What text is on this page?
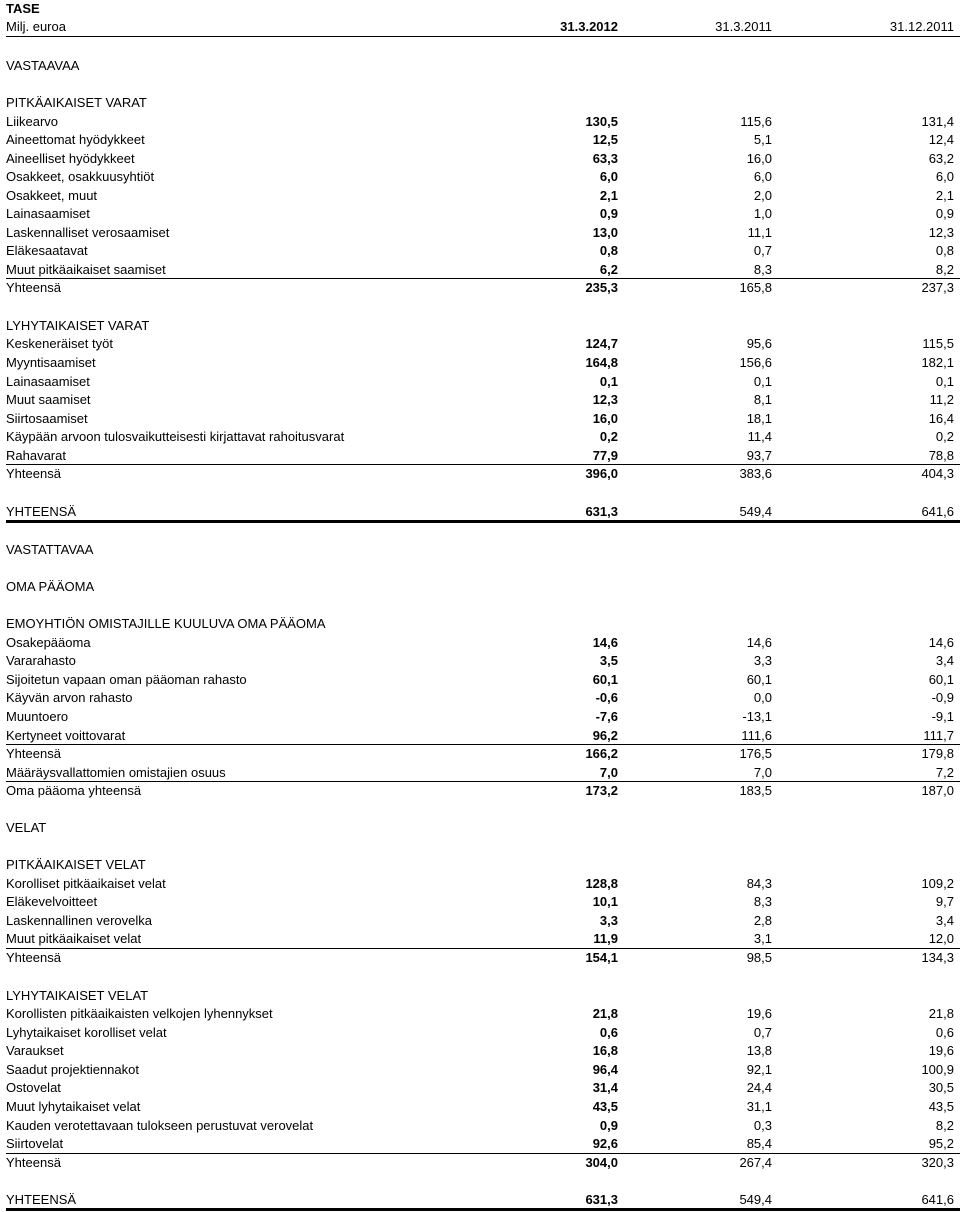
TASE
Milj. euroa	31.3.2012	31.3.2011	31.12.2011
VASTAAVAA
PITKÄAIKAISET VARAT
Liikearvo	130,5	115,6	131,4
Aineettomat hyödykkeet	12,5	5,1	12,4
Aineelliset hyödykkeet	63,3	16,0	63,2
Osakkeet, osakkuusyhtiöt	6,0	6,0	6,0
Osakkeet, muut	2,1	2,0	2,1
Lainasaamiset	0,9	1,0	0,9
Laskennalliset verosaamiset	13,0	11,1	12,3
Eläkesaatavat	0,8	0,7	0,8
Muut pitkäaikaiset saamiset	6,2	8,3	8,2
Yhteensä	235,3	165,8	237,3
LYHYTAIKAISET VARAT
Keskeneräiset työt	124,7	95,6	115,5
Myyntisaamiset	164,8	156,6	182,1
Lainasaamiset	0,1	0,1	0,1
Muut saamiset	12,3	8,1	11,2
Siirtosaamiset	16,0	18,1	16,4
Käypään arvoon tulosvaikutteisesti kirjattavat rahoitusvarat	0,2	11,4	0,2
Rahavarat	77,9	93,7	78,8
Yhteensä	396,0	383,6	404,3
YHTEENSÄ	631,3	549,4	641,6
VASTATTAVAA
OMA PÄÄOMA
EMOYHTIÖN OMISTAJILLE KUULUVA OMA PÄÄOMA
Osakepääoma	14,6	14,6	14,6
Vararahasto	3,5	3,3	3,4
Sijoitetun vapaan oman pääoman rahasto	60,1	60,1	60,1
Käyvän arvon rahasto	-0,6	0,0	-0,9
Muuntoero	-7,6	-13,1	-9,1
Kertyneet voittovarat	96,2	111,6	111,7
Yhteensä	166,2	176,5	179,8
Määräysvallattomien omistajien osuus	7,0	7,0	7,2
Oma pääoma yhteensä	173,2	183,5	187,0
VELAT
PITKÄAIKAISET VELAT
Korolliset pitkäaikaiset velat	128,8	84,3	109,2
Eläkevelvoitteet	10,1	8,3	9,7
Laskennallinen verovelka	3,3	2,8	3,4
Muut pitkäaikaiset velat	11,9	3,1	12,0
Yhteensä	154,1	98,5	134,3
LYHYTAIKAISET VELAT
Korollisten pitkäaikaisten velkojen lyhennykset	21,8	19,6	21,8
Lyhytaikaiset korolliset velat	0,6	0,7	0,6
Varaukset	16,8	13,8	19,6
Saadut projektiennakot	96,4	92,1	100,9
Ostovelat	31,4	24,4	30,5
Muut lyhytaikaiset velat	43,5	31,1	43,5
Kauden verotettavaan tulokseen perustuvat verovelat	0,9	0,3	8,2
Siirtovelat	92,6	85,4	95,2
Yhteensä	304,0	267,4	320,3
YHTEENSÄ	631,3	549,4	641,6
